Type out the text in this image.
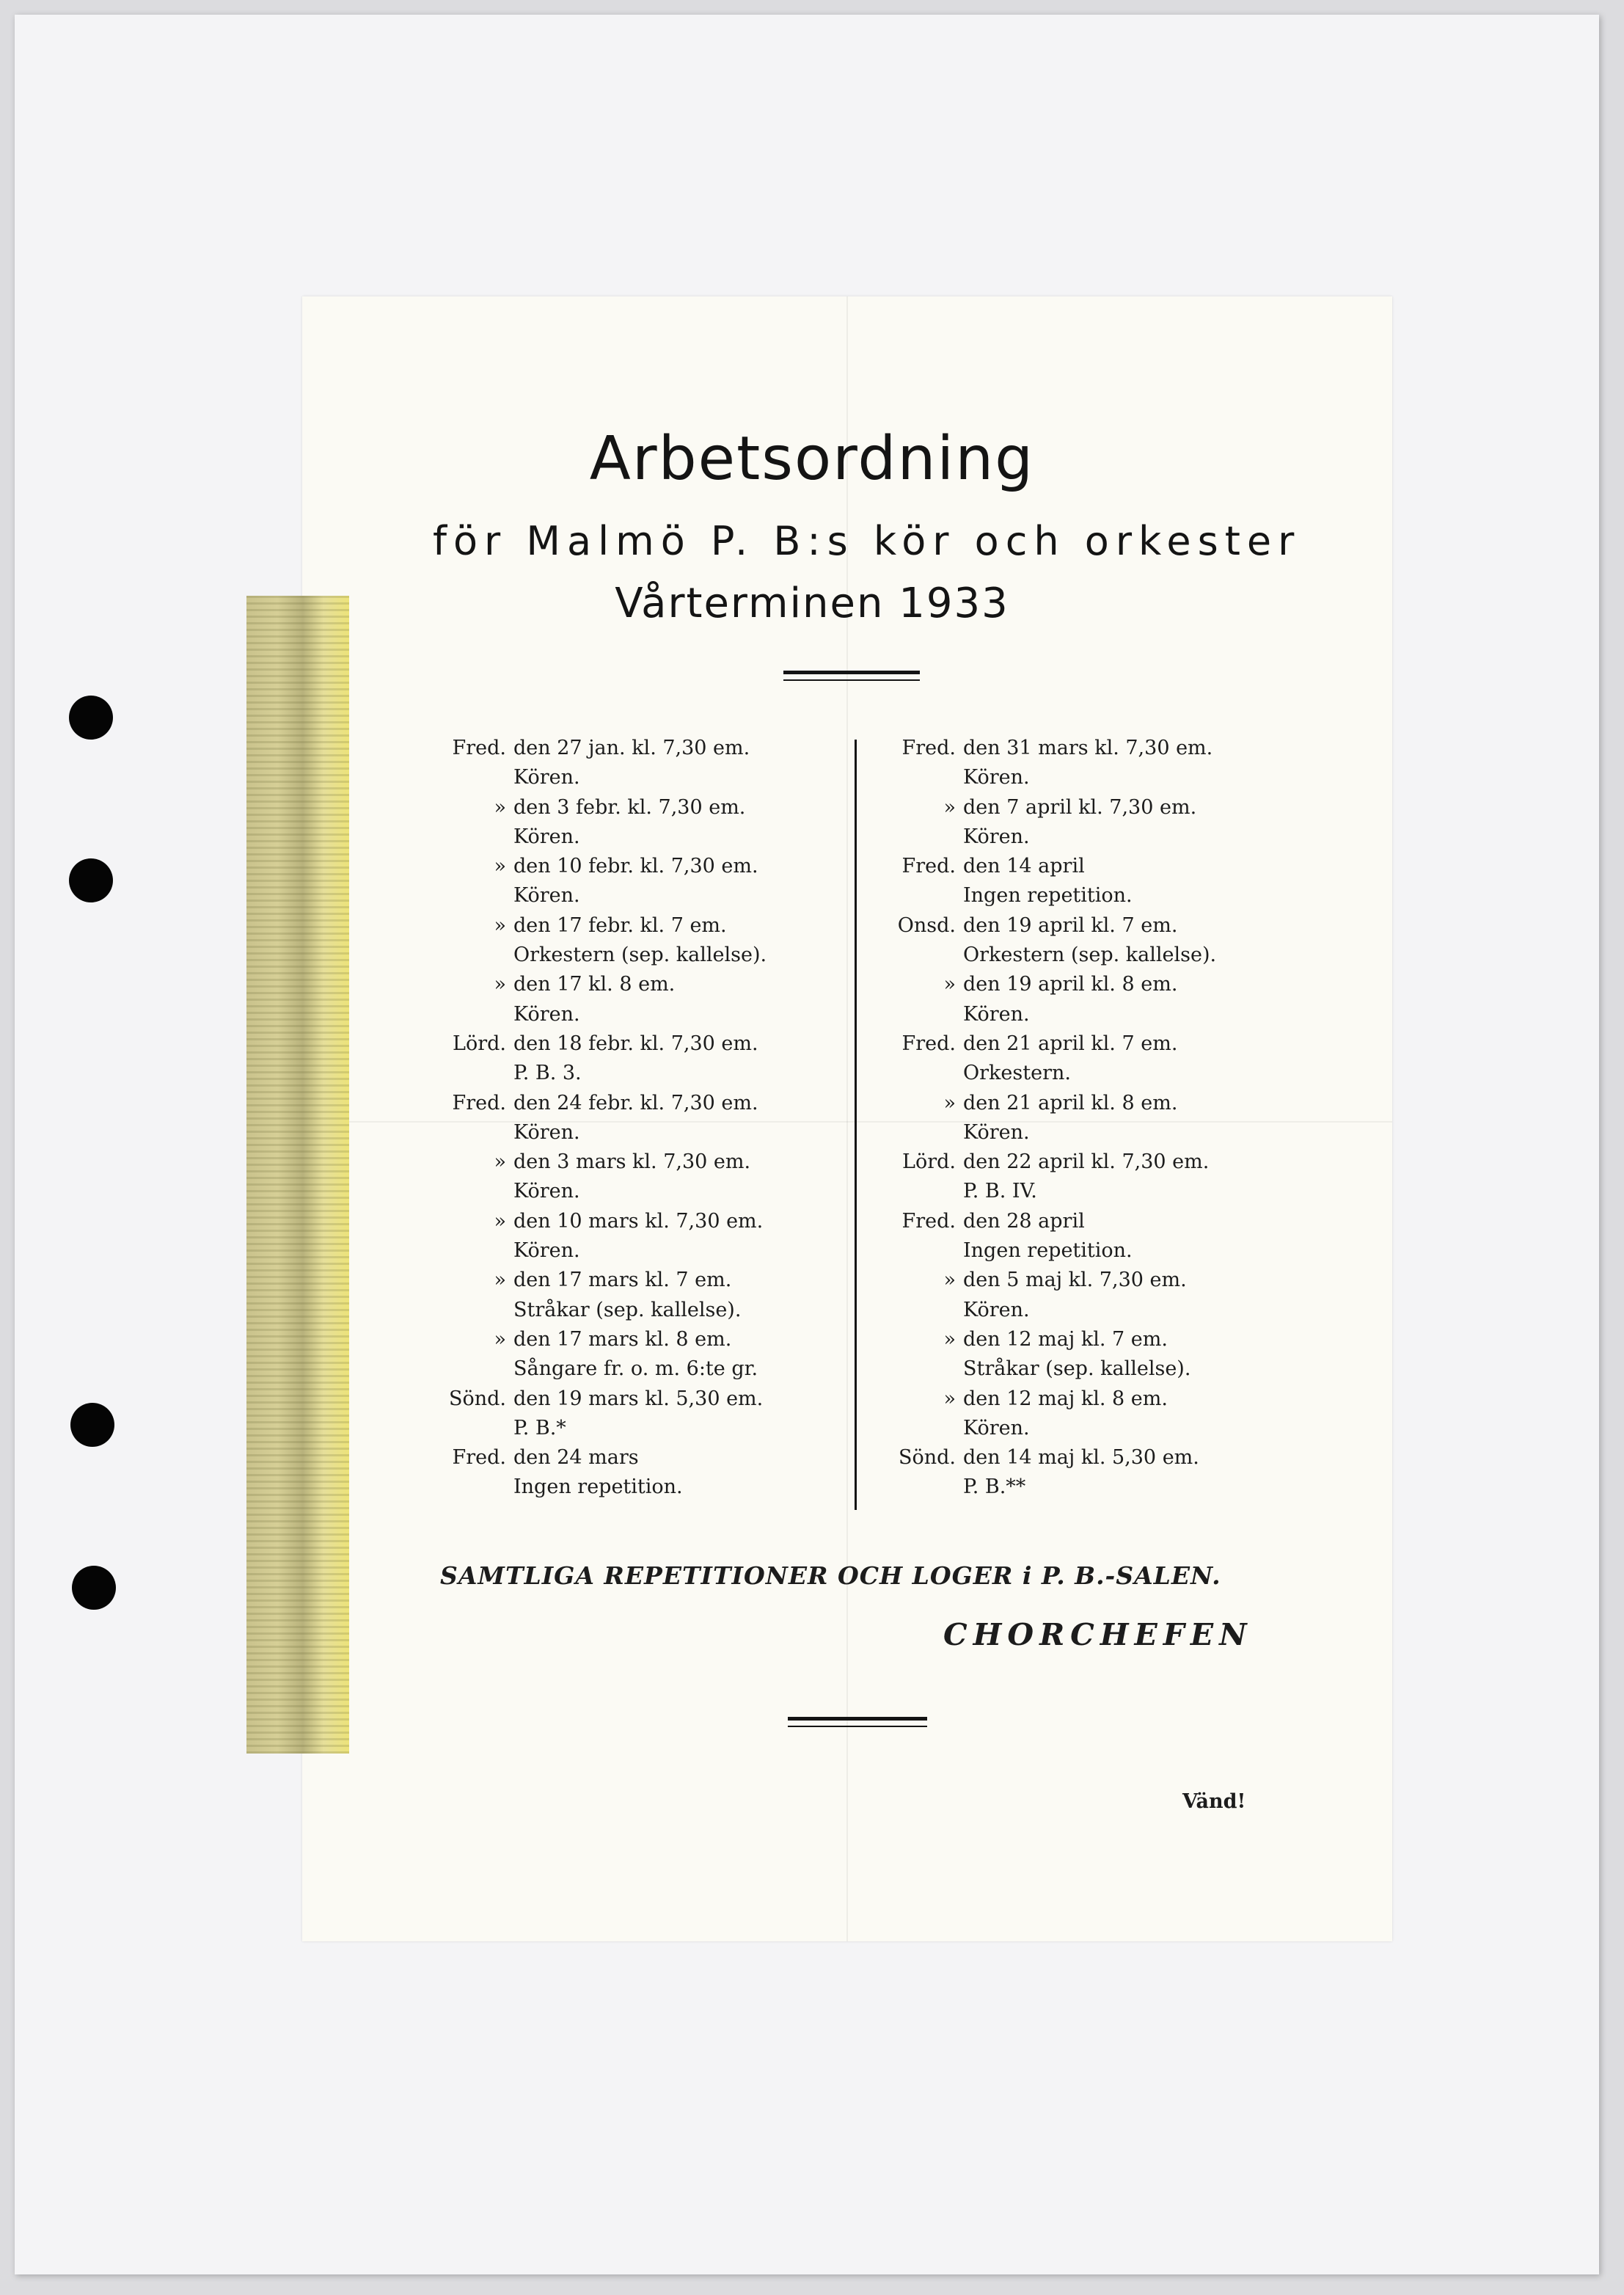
Arbetsordning
för Malmö P. B:s kör och orkester
Vårterminen 1933
Fred. den 27 jan. kl. 7,30 em.
Kören.
» den 3 febr. kl. 7,30 em.
Kören.
» den 10 febr. kl. 7,30 em.
Kören.
» den 17 febr. kl. 7 em.
Orkestern (sep. kallelse).
» den 17 kl. 8 em.
Kören.
Lörd. den 18 febr. kl. 7,30 em.
P. B. 3.
Fred. den 24 febr. kl. 7,30 em.
Kören.
» den 3 mars kl. 7,30 em.
Kören.
» den 10 mars kl. 7,30 em.
Kören.
» den 17 mars kl. 7 em.
Stråkar (sep. kallelse).
» den 17 mars kl. 8 em.
Sångare fr. o. m. 6:te gr.
Sönd. den 19 mars kl. 5,30 em.
P. B.*
Fred. den 24 mars
Ingen repetition.
Fred. den 31 mars kl. 7,30 em.
Kören.
» den 7 april kl. 7,30 em.
Kören.
Fred. den 14 april
Ingen repetition.
Onsd. den 19 april kl. 7 em.
Orkestern (sep. kallelse).
» den 19 april kl. 8 em.
Kören.
Fred. den 21 april kl. 7 em.
Orkestern.
» den 21 april kl. 8 em.
Kören.
Lörd. den 22 april kl. 7,30 em.
P. B. IV.
Fred. den 28 april
Ingen repetition.
» den 5 maj kl. 7,30 em.
Kören.
» den 12 maj kl. 7 em.
Stråkar (sep. kallelse).
» den 12 maj kl. 8 em.
Kören.
Sönd. den 14 maj kl. 5,30 em.
P. B.**
SAMTLIGA REPETITIONER OCH LOGER i P. B.-SALEN.
CHORCHEFEN
Vänd!
